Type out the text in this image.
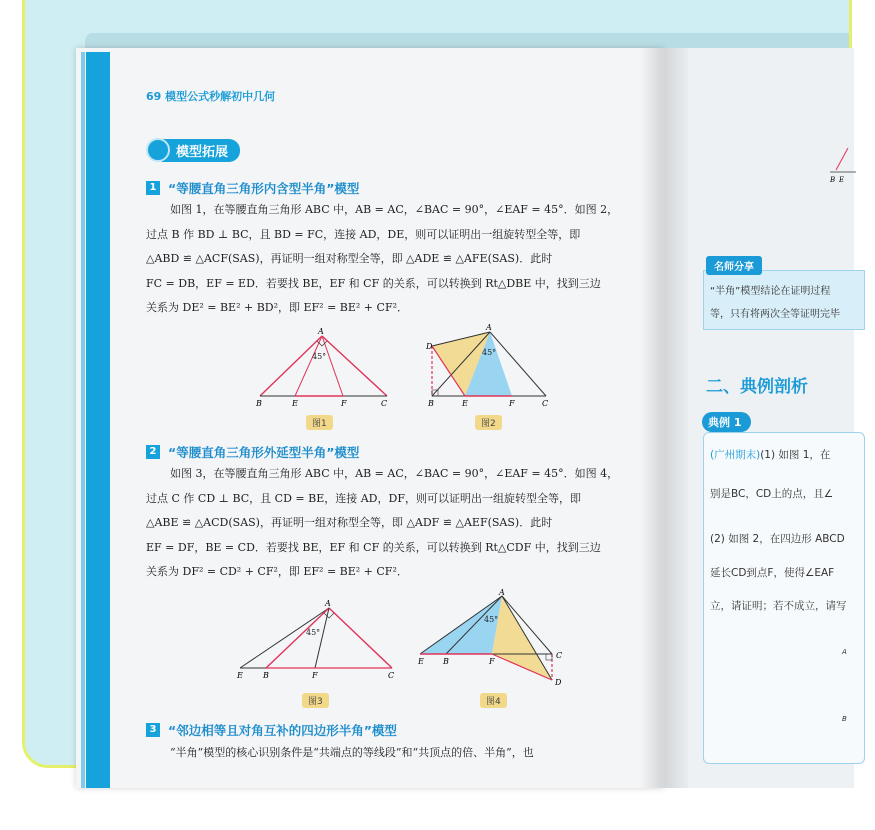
69 模型公式秒解初中几何
模型拓展
1 “等腰直角三角形内含型半角”模型

如图 1，在等腰直角三角形 ABC 中，AB = AC，∠BAC = 90°，∠EAF = 45°．如图 2，

过点 B 作 BD ⊥ BC，且 BD = FC，连接 AD，DE，则可以证明出一组旋转型全等，即

△ABD ≌ △ACF(SAS)，再证明一组对称型全等，即 △ADE ≌ △AFE(SAS)．此时

FC = DB，EF = ED．若要找 BE，EF 和 CF 的关系，可以转换到 Rt△DBE 中，找到三边

关系为 DE² = BE² + BD²，即 EF² = BE² + CF²．

45°
A
B	E	F	C
图1
45°
A
D
B	E	F	C
图2
2 “等腰直角三角形外延型半角”模型

如图 3，在等腰直角三角形 ABC 中，AB = AC，∠BAC = 90°，∠EAF = 45°．如图 4，

过点 C 作 CD ⊥ BC，且 CD = BE，连接 AD，DF，则可以证明出一组旋转型全等，即

△ABE ≌ △ACD(SAS)，再证明一组对称型全等，即 △ADF ≌ △AEF(SAS)．此时

EF = DF，BE = CD．若要找 BE，EF 和 CF 的关系，可以转换到 Rt△CDF 中，找到三边

关系为 DF² = CD² + CF²，即 EF² = BE² + CF²．

45°
A
E	B	F	C
图3
45°
A
E B	F
C
D
图4
3 “邻边相等且对角互补的四边形半角”模型

“半角”模型的核心识别条件是“共端点的等线段”和“共顶点的倍、半角”，也

B E
名师分享
“半角”模型结论在证明过程
等，只有将两次全等证明完毕
二、典例剖析
典例 1
(广州期末)(1) 如图 1，在
别是BC，CD上的点，且∠
(2) 如图 2，在四边形 ABCD
延长CD到点F，使得∠EAF
立，请证明；若不成立，请写
A
B
